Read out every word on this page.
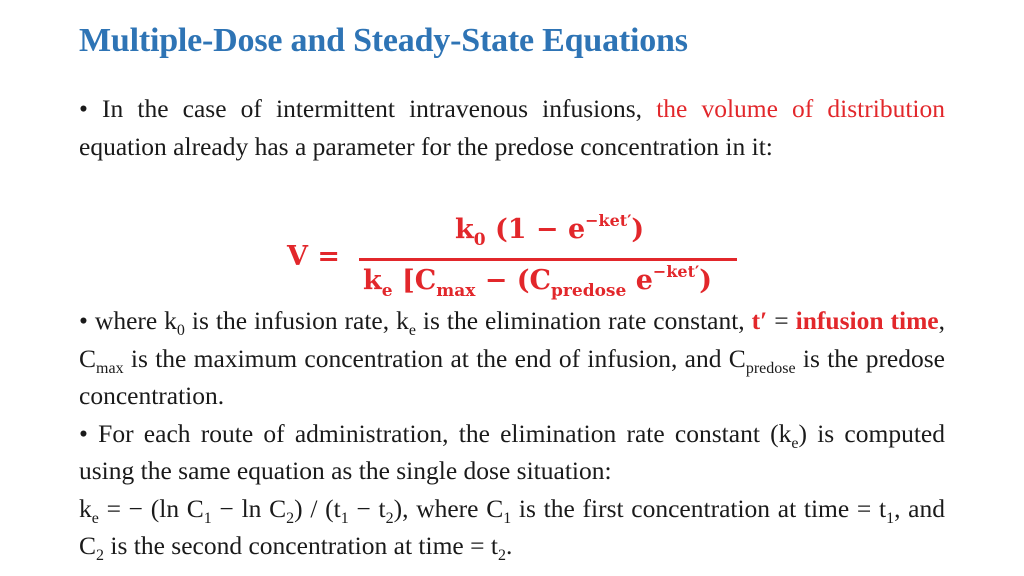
Multiple-Dose and Steady-State Equations

• In the case of intermittent intravenous infusions, the volume of distribution equation already has a parameter for the predose concentration in it:

V =
$k_0$ $(1 - e^{-ket'})$
$k_e$ [$C_{max} - (C_{predose}$ $e^{-ket'}$)

• where $k_0$ is the infusion rate, $k_e$ is the elimination rate constant, t′ = infusion time, $C_{max}$ is the maximum concentration at the end of infusion, and $C_{predose}$ is the predose concentration.
• For each route of administration, the elimination rate constant $(k_e)$ is computed using the same equation as the single dose situation:
$k_e$ = − (ln $C_1 - \ln C_2) / (t_1 - t_2)$, where $C_1$ is the first concentration at time = $t_1$, and $C_2$ is the second concentration at time = $t_2$.
